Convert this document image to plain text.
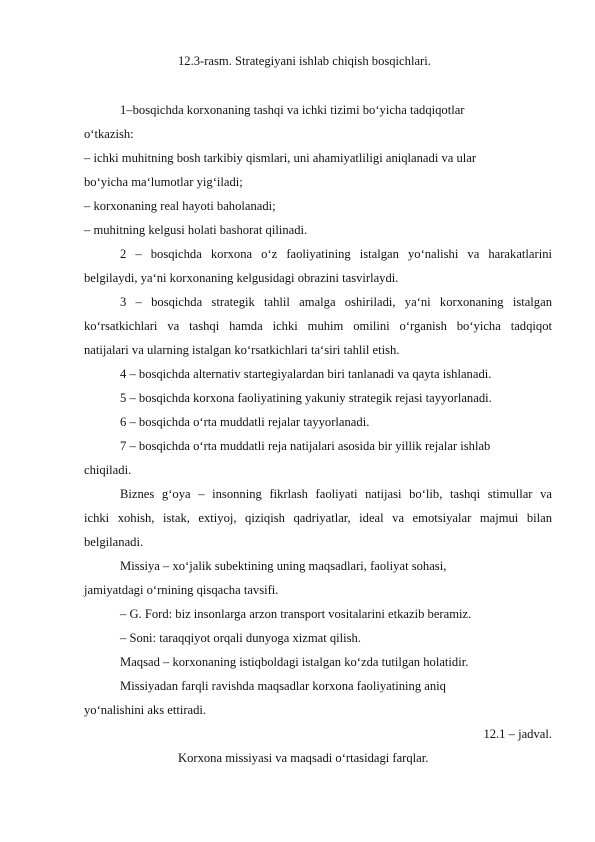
12.3-rasm. Strategiyani ishlab chiqish bosqichlari.
1–bosqichda korxonaning tashqi va ichki tizimi bo‘yicha tadqiqotlar
o‘tkazish:
– ichki muhitning bosh tarkibiy qismlari, uni ahamiyatliligi aniqlanadi va ular
bo‘yicha ma‘lumotlar yig‘iladi;
– korxonaning real hayoti baholanadi;
– muhitning kelgusi holati bashorat qilinadi.
2 – bosqichda korxona o‘z faoliyatining istalgan yo‘nalishi va harakatlarini
belgilaydi, ya‘ni korxonaning kelgusidagi obrazini tasvirlaydi.
3 – bosqichda strategik tahlil amalga oshiriladi, ya‘ni korxonaning istalgan
ko‘rsatkichlari va tashqi hamda ichki muhim omilini o‘rganish bo‘yicha tadqiqot
natijalari va ularning istalgan ko‘rsatkichlari ta‘siri tahlil etish.
4 – bosqichda alternativ startegiyalardan biri tanlanadi va qayta ishlanadi.
5 – bosqichda korxona faoliyatining yakuniy strategik rejasi tayyorlanadi.
6 – bosqichda o‘rta muddatli rejalar tayyorlanadi.
7 – bosqichda o‘rta muddatli reja natijalari asosida bir yillik rejalar ishlab
chiqiladi.
Biznes g‘oya – insonning fikrlash faoliyati natijasi bo‘lib, tashqi stimullar va
ichki xohish, istak, extiyoj, qiziqish qadriyatlar, ideal va emotsiyalar majmui bilan
belgilanadi.
Missiya – xo‘jalik subektining uning maqsadlari, faoliyat sohasi,
jamiyatdagi o‘rnining qisqacha tavsifi.
– G. Ford: biz insonlarga arzon transport vositalarini etkazib beramiz.
– Soni: taraqqiyot orqali dunyoga xizmat qilish.
Maqsad – korxonaning istiqboldagi istalgan ko‘zda tutilgan holatidir.
Missiyadan farqli ravishda maqsadlar korxona faoliyatining aniq
yo‘nalishini aks ettiradi.
12.1 – jadval.
Korxona missiyasi va maqsadi o‘rtasidagi farqlar.
